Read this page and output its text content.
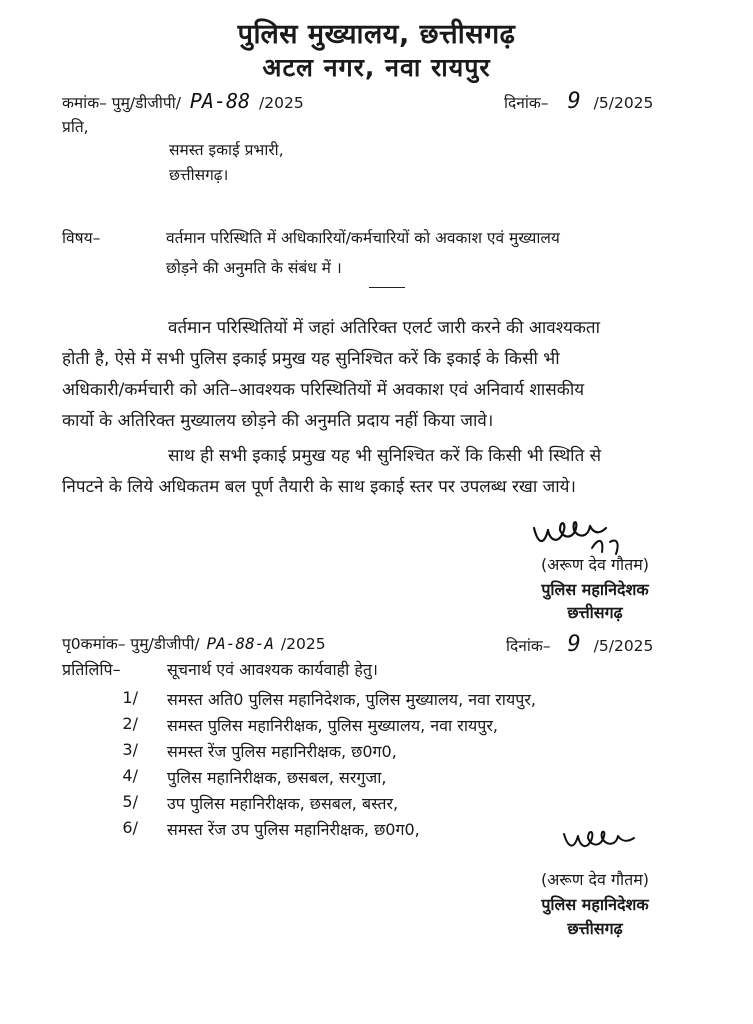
पुलिस मुख्यालय, छत्तीसगढ़
अटल नगर, नवा रायपुर
कमांक– पुमु/डीजीपी/ PA-88 /2025	दिनांक– 9 /5/2025
प्रति,
समस्त इकाई प्रभारी,
छत्तीसगढ़।
विषय–	वर्तमान परिस्थिति में अधिकारियों/कर्मचारियों को अवकाश एवं मुख्यालय
छोड़ने की अनुमति के संबंध में ।
वर्तमान परिस्थितियों में जहां अतिरिक्त एलर्ट जारी करने की आवश्यकता
होती है, ऐसे में सभी पुलिस इकाई प्रमुख यह सुनिश्चित करें कि इकाई के किसी भी
अधिकारी/कर्मचारी को अति–आवश्यक परिस्थितियों में अवकाश एवं अनिवार्य शासकीय
कार्यो के अतिरिक्त मुख्यालय छोड़ने की अनुमति प्रदाय नहीं किया जावे।
साथ ही सभी इकाई प्रमुख यह भी सुनिश्चित करें कि किसी भी स्थिति से
निपटने के लिये अधिकतम बल पूर्ण तैयारी के साथ इकाई स्तर पर उपलब्ध रखा जाये।
(अरूण देव गौतम)
पुलिस महानिदेशक
छत्तीसगढ़
पृ0कमांक– पुमु/डीजीपी/ PA-88-A /2025	दिनांक– 9 /5/2025
प्रतिलिपि–	सूचनार्थ एवं आवश्यक कार्यवाही हेतु।
1/ समस्त अति0 पुलिस महानिदेशक, पुलिस मुख्यालय, नवा रायपुर,
2/ समस्त पुलिस महानिरीक्षक, पुलिस मुख्यालय, नवा रायपुर,
3/ समस्त रेंज पुलिस महानिरीक्षक, छ0ग0,
4/ पुलिस महानिरीक्षक, छसबल, सरगुजा,
5/ उप पुलिस महानिरीक्षक, छसबल, बस्तर,
6/ समस्त रेंज उप पुलिस महानिरीक्षक, छ0ग0,
(अरूण देव गौतम)
पुलिस महानिदेशक
छत्तीसगढ़
